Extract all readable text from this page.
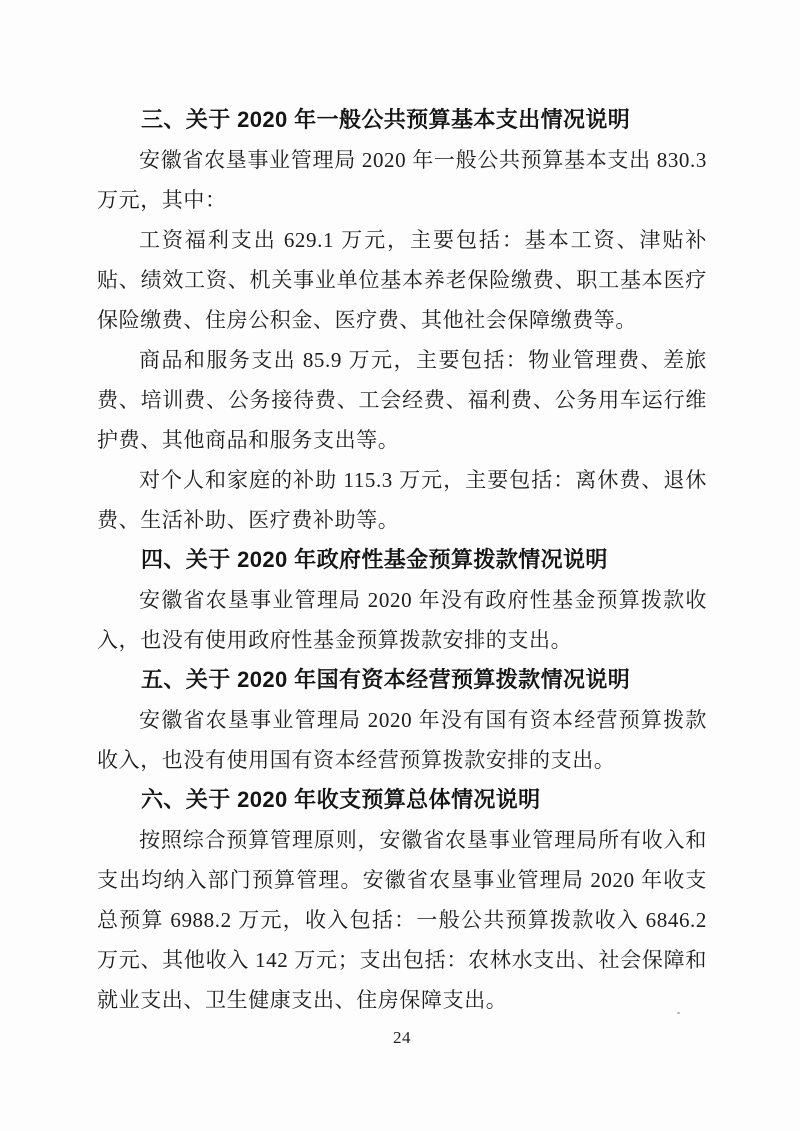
三、关于 2020 年一般公共预算基本支出情况说明

安徽省农垦事业管理局 2020 年一般公共预算基本支出 830.3 万元，其中：

工资福利支出 629.1 万元，主要包括：基本工资、津贴补贴、绩效工资、机关事业单位基本养老保险缴费、职工基本医疗保险缴费、住房公积金、医疗费、其他社会保障缴费等。

商品和服务支出 85.9 万元，主要包括：物业管理费、差旅费、培训费、公务接待费、工会经费、福利费、公务用车运行维护费、其他商品和服务支出等。

对个人和家庭的补助 115.3 万元，主要包括：离休费、退休费、生活补助、医疗费补助等。

四、关于 2020 年政府性基金预算拨款情况说明

安徽省农垦事业管理局 2020 年没有政府性基金预算拨款收入，也没有使用政府性基金预算拨款安排的支出。

五、关于 2020 年国有资本经营预算拨款情况说明

安徽省农垦事业管理局 2020 年没有国有资本经营预算拨款收入，也没有使用国有资本经营预算拨款安排的支出。

六、关于 2020 年收支预算总体情况说明

按照综合预算管理原则，安徽省农垦事业管理局所有收入和支出均纳入部门预算管理。安徽省农垦事业管理局 2020 年收支总预算 6988.2 万元，收入包括：一般公共预算拨款收入 6846.2 万元、其他收入 142 万元；支出包括：农林水支出、社会保障和就业支出、卫生健康支出、住房保障支出。

24
